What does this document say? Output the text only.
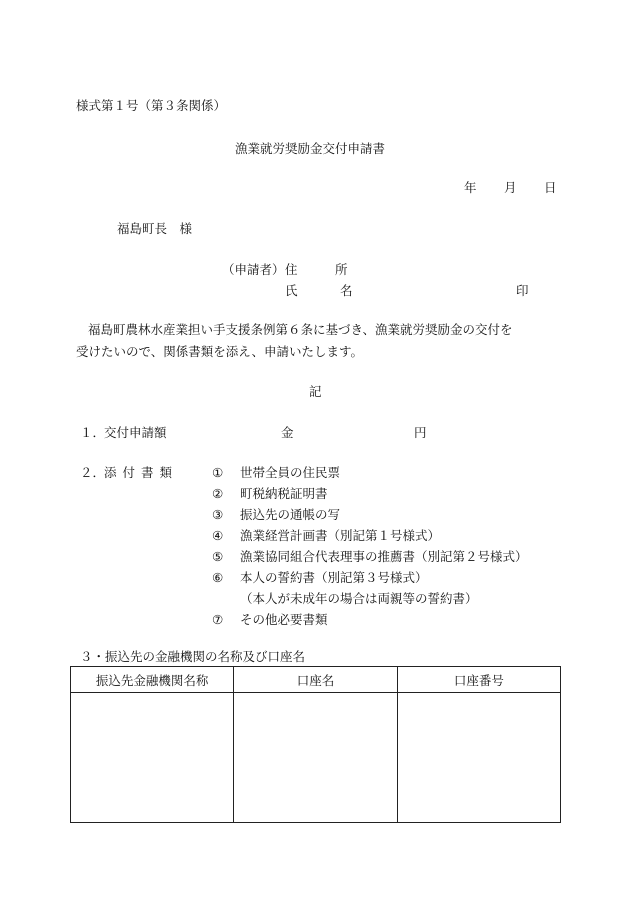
様式第１号（第３条関係）
漁業就労奨励金交付申請書
年 月 日
福島町長　様
（申請者） 住　　　所
氏	名	印
福島町農林水産業担い手支援条例第６条に基づき、漁業就労奨励金の交付を
受けたいので、関係書類を添え、申請いたします。
記
１．
交付申請額	金	円
２．
添付書類	① 世帯全員の住民票
② 町税納税証明書
③ 振込先の通帳の写
④ 漁業経営計画書（別記第１号様式）
⑤ 漁業協同組合代表理事の推薦書（別記第２号様式）
⑥ 本人の誓約書（別記第３号様式）
（本人が未成年の場合は両親等の誓約書）
⑦ その他必要書類
３・振込先の金融機関の名称及び口座名
振込先金融機関名称	口座名	口座番号
